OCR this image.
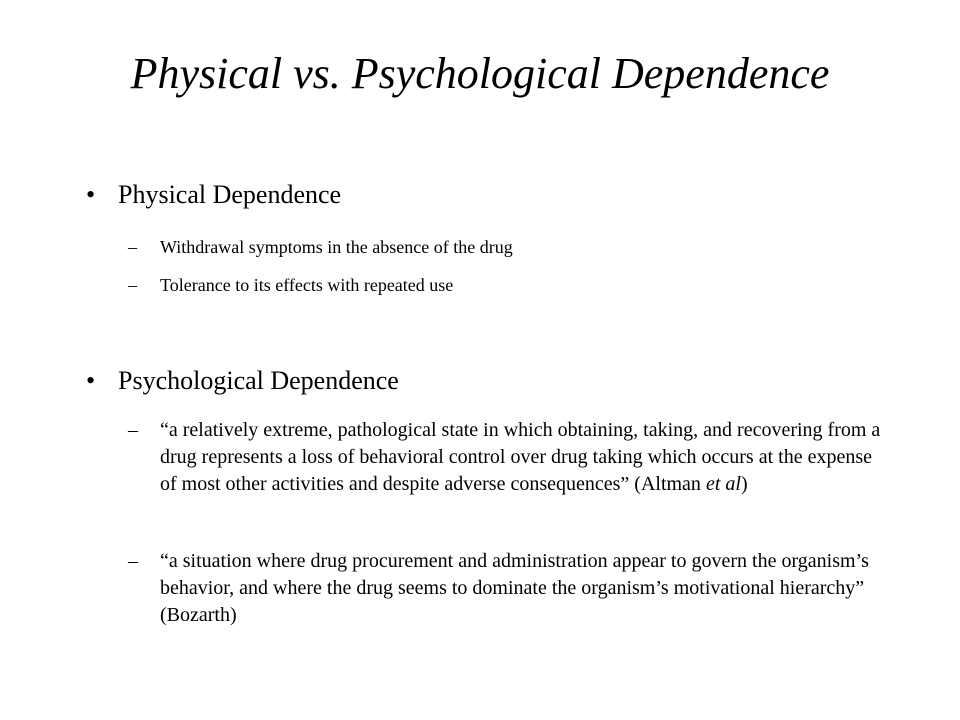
Physical vs. Psychological Dependence
• Physical Dependence
– Withdrawal symptoms in the absence of the drug
– Tolerance to its effects with repeated use
• Psychological Dependence
– “a relatively extreme, pathological state in which obtaining, taking, and recovering from a drug represents a loss of behavioral control over drug taking which occurs at the expense of most other activities and despite adverse consequences” (Altman et al)
– “a situation where drug procurement and administration appear to govern the organism’s behavior, and where the drug seems to dominate the organism’s motivational hierarchy” (Bozarth)
